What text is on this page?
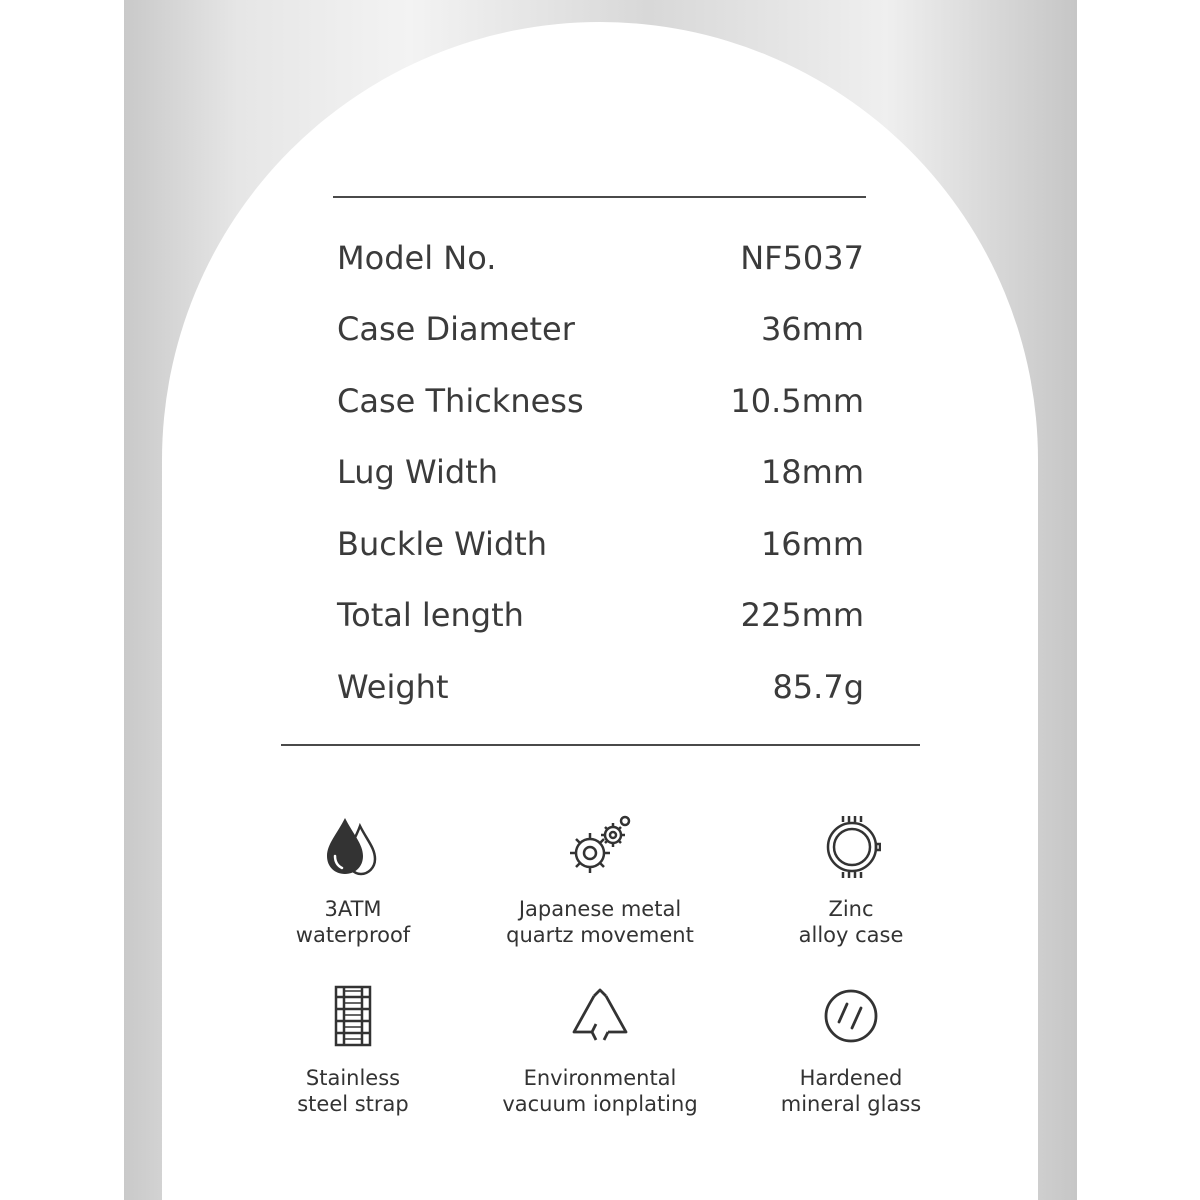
Model No.	NF5037
Case Diameter	36mm
Case Thickness	10.5mm
Lug Width	18mm
Buckle Width	16mm
Total length	225mm
Weight	85.7g
3ATM
waterproof
Japanese metal
quartz movement
Zinc
alloy case
Stainless
steel strap
Environmental
vacuum ionplating
Hardened
mineral glass
